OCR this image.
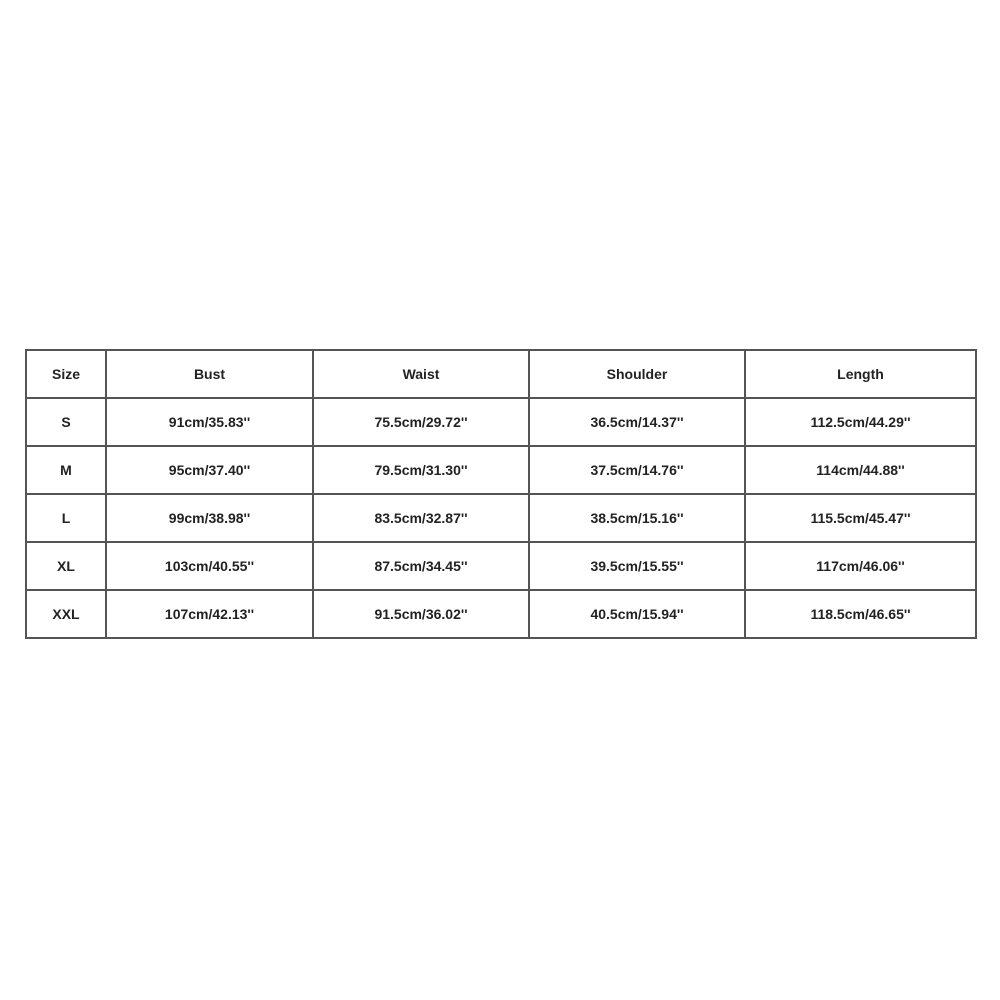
Size	Bust	Waist	Shoulder	Length
S	91cm/35.83''	75.5cm/29.72''	36.5cm/14.37''	112.5cm/44.29''
M	95cm/37.40''	79.5cm/31.30''	37.5cm/14.76''	114cm/44.88''
L	99cm/38.98''	83.5cm/32.87''	38.5cm/15.16''	115.5cm/45.47''
XL	103cm/40.55''	87.5cm/34.45''	39.5cm/15.55''	117cm/46.06''
XXL	107cm/42.13''	91.5cm/36.02''	40.5cm/15.94''	118.5cm/46.65''
